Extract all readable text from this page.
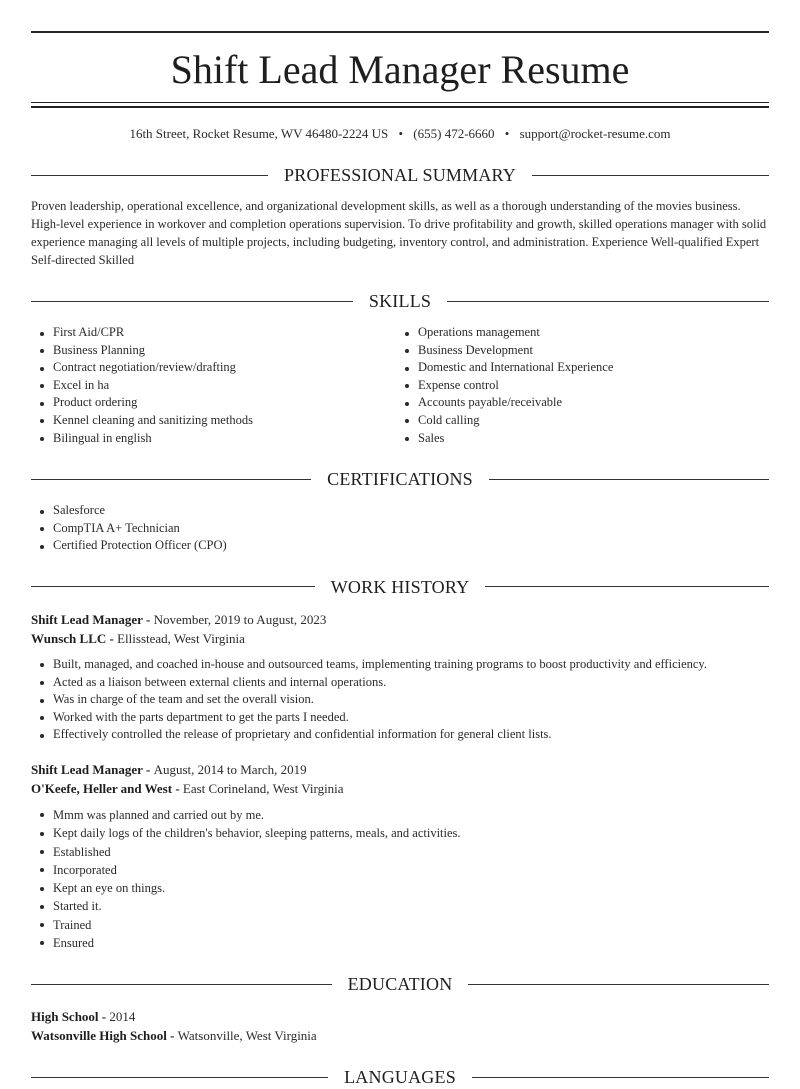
Shift Lead Manager Resume
16th Street, Rocket Resume, WV 46480-2224 US • (655) 472-6660 • support@rocket-resume.com
PROFESSIONAL SUMMARY

Proven leadership, operational excellence, and organizational development skills, as well as a thorough understanding of the movies business. High-level experience in workover and completion operations supervision. To drive profitability and growth, skilled operations manager with solid experience managing all levels of multiple projects, including budgeting, inventory control, and administration. Experience Well-qualified Expert Self-directed Skilled

SKILLS
First Aid/CPR
Business Planning
Contract negotiation/review/drafting
Excel in ha
Product ordering
Kennel cleaning and sanitizing methods
Bilingual in english
Operations management
Business Development
Domestic and International Experience
Expense control
Accounts payable/receivable
Cold calling
Sales
CERTIFICATIONS
Salesforce
CompTIA A+ Technician
Certified Protection Officer (CPO)
WORK HISTORY
Shift Lead Manager - November, 2019 to August, 2023
Wunsch LLC - Ellisstead, West Virginia
Built, managed, and coached in-house and outsourced teams, implementing training programs to boost productivity and efficiency.
Acted as a liaison between external clients and internal operations.
Was in charge of the team and set the overall vision.
Worked with the parts department to get the parts I needed.
Effectively controlled the release of proprietary and confidential information for general client lists.
Shift Lead Manager - August, 2014 to March, 2019
O'Keefe, Heller and West - East Corineland, West Virginia
Mmm was planned and carried out by me.
Kept daily logs of the children's behavior, sleeping patterns, meals, and activities.
Established
Incorporated
Kept an eye on things.
Started it.
Trained
Ensured
EDUCATION
High School - 2014
Watsonville High School - Watsonville, West Virginia
LANGUAGES
